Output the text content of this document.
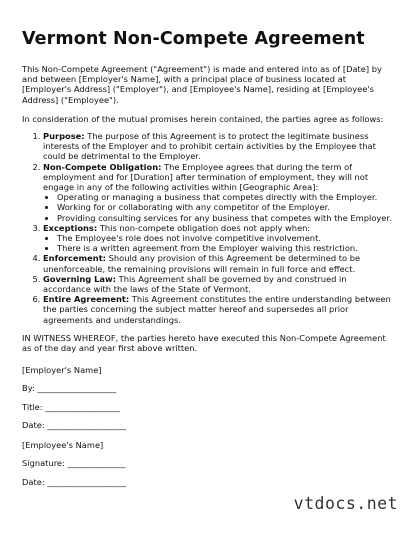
Vermont Non-Compete Agreement

This Non-Compete Agreement ("Agreement") is made and entered into as of [Date] by and between [Employer's Name], with a principal place of business located at [Employer's Address] ("Employer"), and [Employee's Name], residing at [Employee's Address] ("Employee").

In consideration of the mutual promises herein contained, the parties agree as follows:

1. Purpose: The purpose of this Agreement is to protect the legitimate business interests of the Employer and to prohibit certain activities by the Employee that could be detrimental to the Employer.
2. Non-Compete Obligation: The Employee agrees that during the term of employment and for [Duration] after termination of employment, they will not engage in any of the following activities within [Geographic Area]:
• Operating or managing a business that competes directly with the Employer.
• Working for or collaborating with any competitor of the Employer.
• Providing consulting services for any business that competes with the Employer.
3. Exceptions: This non-compete obligation does not apply when:
• The Employee's role does not involve competitive involvement.
• There is a written agreement from the Employer waiving this restriction.
4. Enforcement: Should any provision of this Agreement be determined to be unenforceable, the remaining provisions will remain in full force and effect.
5. Governing Law: This Agreement shall be governed by and construed in accordance with the laws of the State of Vermont.
6. Entire Agreement: This Agreement constitutes the entire understanding between the parties concerning the subject matter hereof and supersedes all prior agreements and understandings.

IN WITNESS WHEREOF, the parties hereto have executed this Non-Compete Agreement as of the day and year first above written.

[Employer's Name]
By: ___________________
Title: __________________
Date: ___________________
[Employee's Name]
Signature: ______________
Date: ___________________
vtdocs.net
